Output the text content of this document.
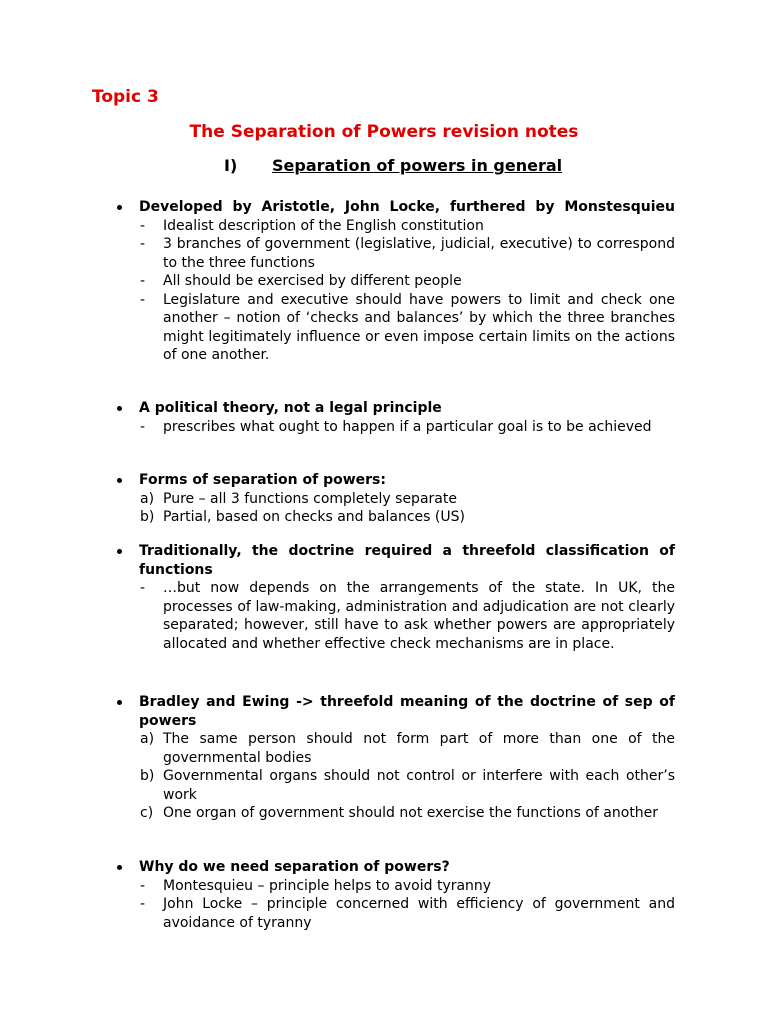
Topic 3
The Separation of Powers revision notes
I) Separation of powers in general
Developed by Aristotle, John Locke, furthered by Monstesquieu
- Idealist description of the English constitution
- 3 branches of government (legislative, judicial, executive) to correspond to the three functions
- All should be exercised by different people
- Legislature and executive should have powers to limit and check one another – notion of ‘checks and balances’ by which the three branches might legitimately influence or even impose certain limits on the actions of one another.
A political theory, not a legal principle
- prescribes what ought to happen if a particular goal is to be achieved
Forms of separation of powers:
a) Pure – all 3 functions completely separate
b) Partial, based on checks and balances (US)
Traditionally, the doctrine required a threefold classification of functions
- …but now depends on the arrangements of the state. In UK, the processes of law-making, administration and adjudication are not clearly separated; however, still have to ask whether powers are appropriately allocated and whether effective check mechanisms are in place.
Bradley and Ewing -> threefold meaning of the doctrine of sep of powers
a) The same person should not form part of more than one of the governmental bodies
b) Governmental organs should not control or interfere with each other’s work
c) One organ of government should not exercise the functions of another
Why do we need separation of powers?
- Montesquieu – principle helps to avoid tyranny
- John Locke – principle concerned with efficiency of government and avoidance of tyranny
